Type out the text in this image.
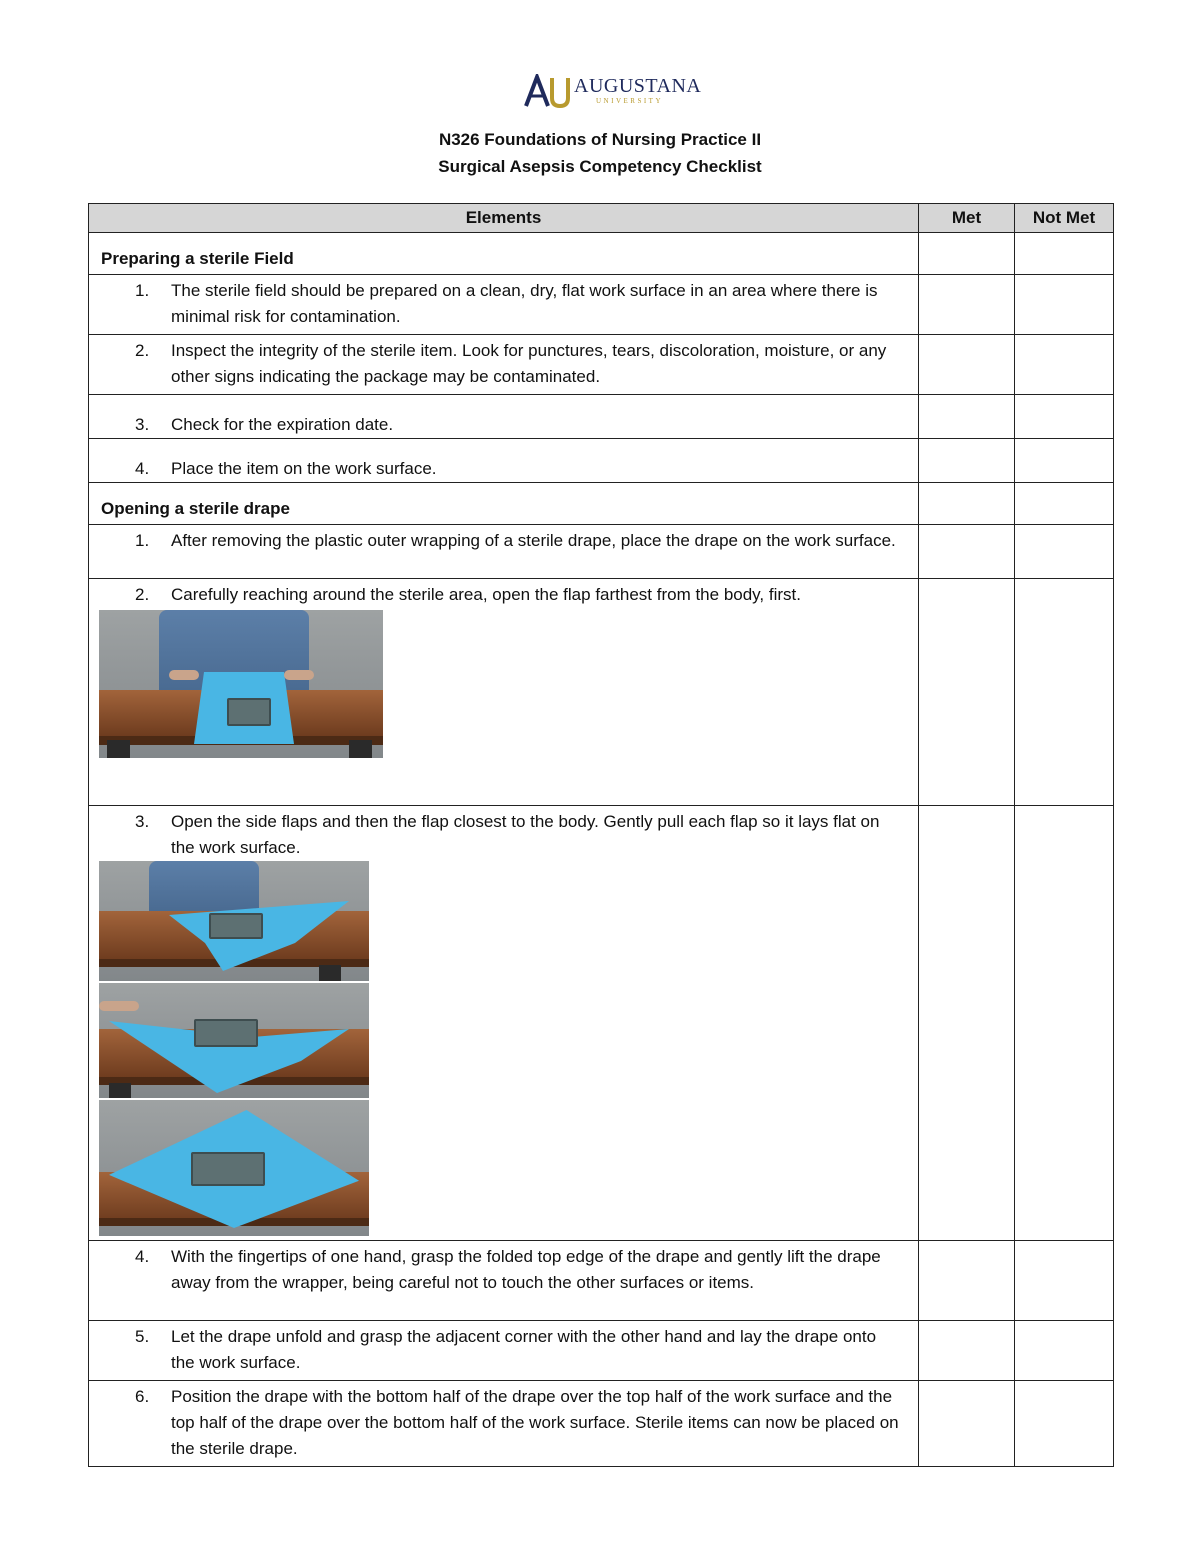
AUGUSTANA
UNIVERSITY
N326 Foundations of Nursing Practice II
Surgical Asepsis Competency Checklist
Elements	Met	Not Met

Preparing a sterile Field		

1. The sterile field should be prepared on a clean, dry, flat work surface in an area where there is minimal risk for contamination.		

2. Inspect the integrity of the sterile item. Look for punctures, tears, discoloration, moisture, or any other signs indicating the package may be contaminated.		

3. Check for the expiration date.		

4. Place the item on the work surface.		

Opening a sterile drape		

1. After removing the plastic outer wrapping of a sterile drape, place the drape on the work surface.		

2. Carefully reaching around the sterile area, open the flap farthest from the body, first.

3. Open the side flaps and then the flap closest to the body. Gently pull each flap so it lays flat on the work surface.

4. With the fingertips of one hand, grasp the folded top edge of the drape and gently lift the drape away from the wrapper, being careful not to touch the other surfaces or items.		

5. Let the drape unfold and grasp the adjacent corner with the other hand and lay the drape onto the work surface.		

6. Position the drape with the bottom half of the drape over the top half of the work surface and the top half of the drape over the bottom half of the work surface. Sterile items can now be placed on the sterile drape.		
